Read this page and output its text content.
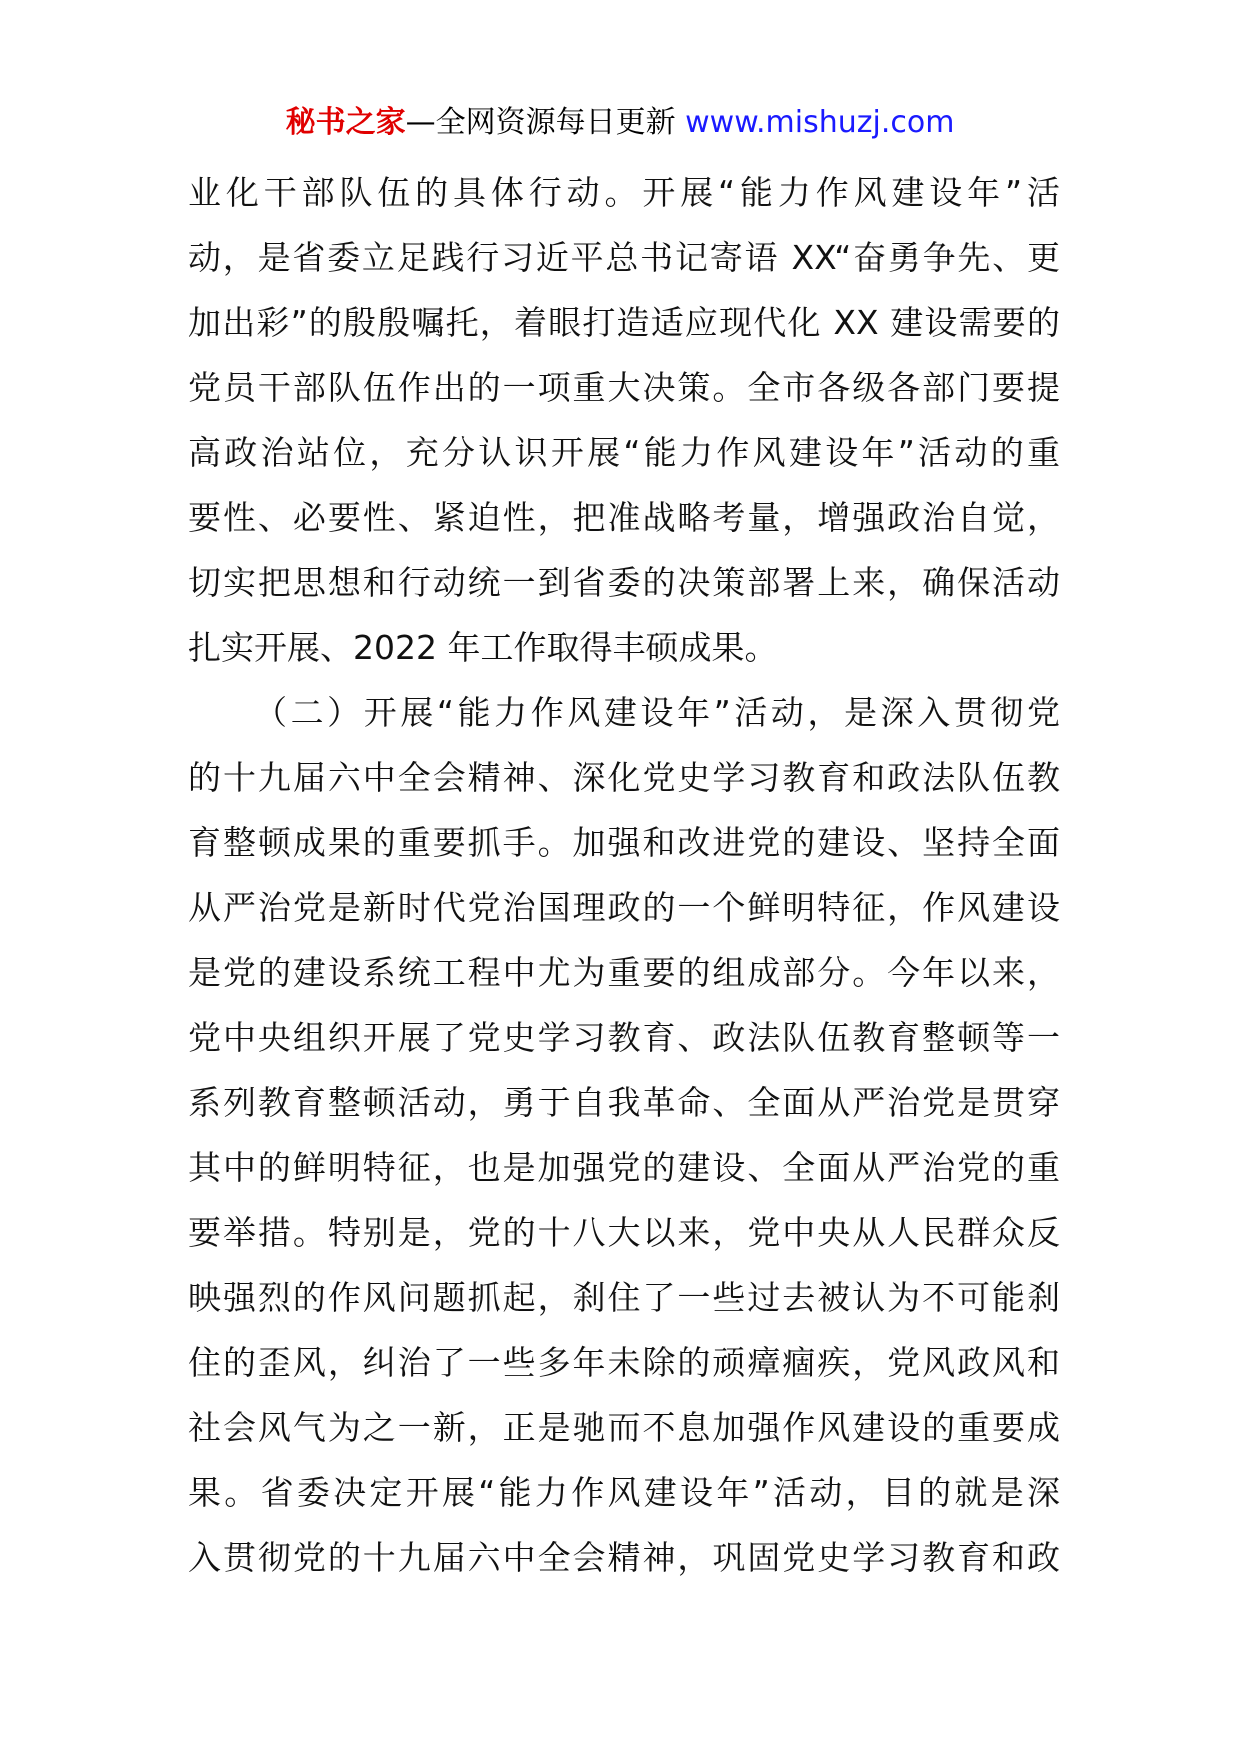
秘书之家—全网资源每日更新 www.mishuzj.com
业化干部队伍的具体行动。开展“能力作风建设年”活
动，是省委立足践行习近平总书记寄语 XX“奋勇争先、更
加出彩”的殷殷嘱托，着眼打造适应现代化 XX 建设需要的
党员干部队伍作出的一项重大决策。全市各级各部门要提
高政治站位，充分认识开展“能力作风建设年”活动的重
要性、必要性、紧迫性，把准战略考量，增强政治自觉，
切实把思想和行动统一到省委的决策部署上来，确保活动
扎实开展、2022 年工作取得丰硕成果。
（二）开展“能力作风建设年”活动，是深入贯彻党
的十九届六中全会精神、深化党史学习教育和政法队伍教
育整顿成果的重要抓手。加强和改进党的建设、坚持全面
从严治党是新时代党治国理政的一个鲜明特征，作风建设
是党的建设系统工程中尤为重要的组成部分。今年以来，
党中央组织开展了党史学习教育、政法队伍教育整顿等一
系列教育整顿活动，勇于自我革命、全面从严治党是贯穿
其中的鲜明特征，也是加强党的建设、全面从严治党的重
要举措。特别是，党的十八大以来，党中央从人民群众反
映强烈的作风问题抓起，刹住了一些过去被认为不可能刹
住的歪风，纠治了一些多年未除的顽瘴痼疾，党风政风和
社会风气为之一新，正是驰而不息加强作风建设的重要成
果。省委决定开展“能力作风建设年”活动，目的就是深
入贯彻党的十九届六中全会精神，巩固党史学习教育和政
